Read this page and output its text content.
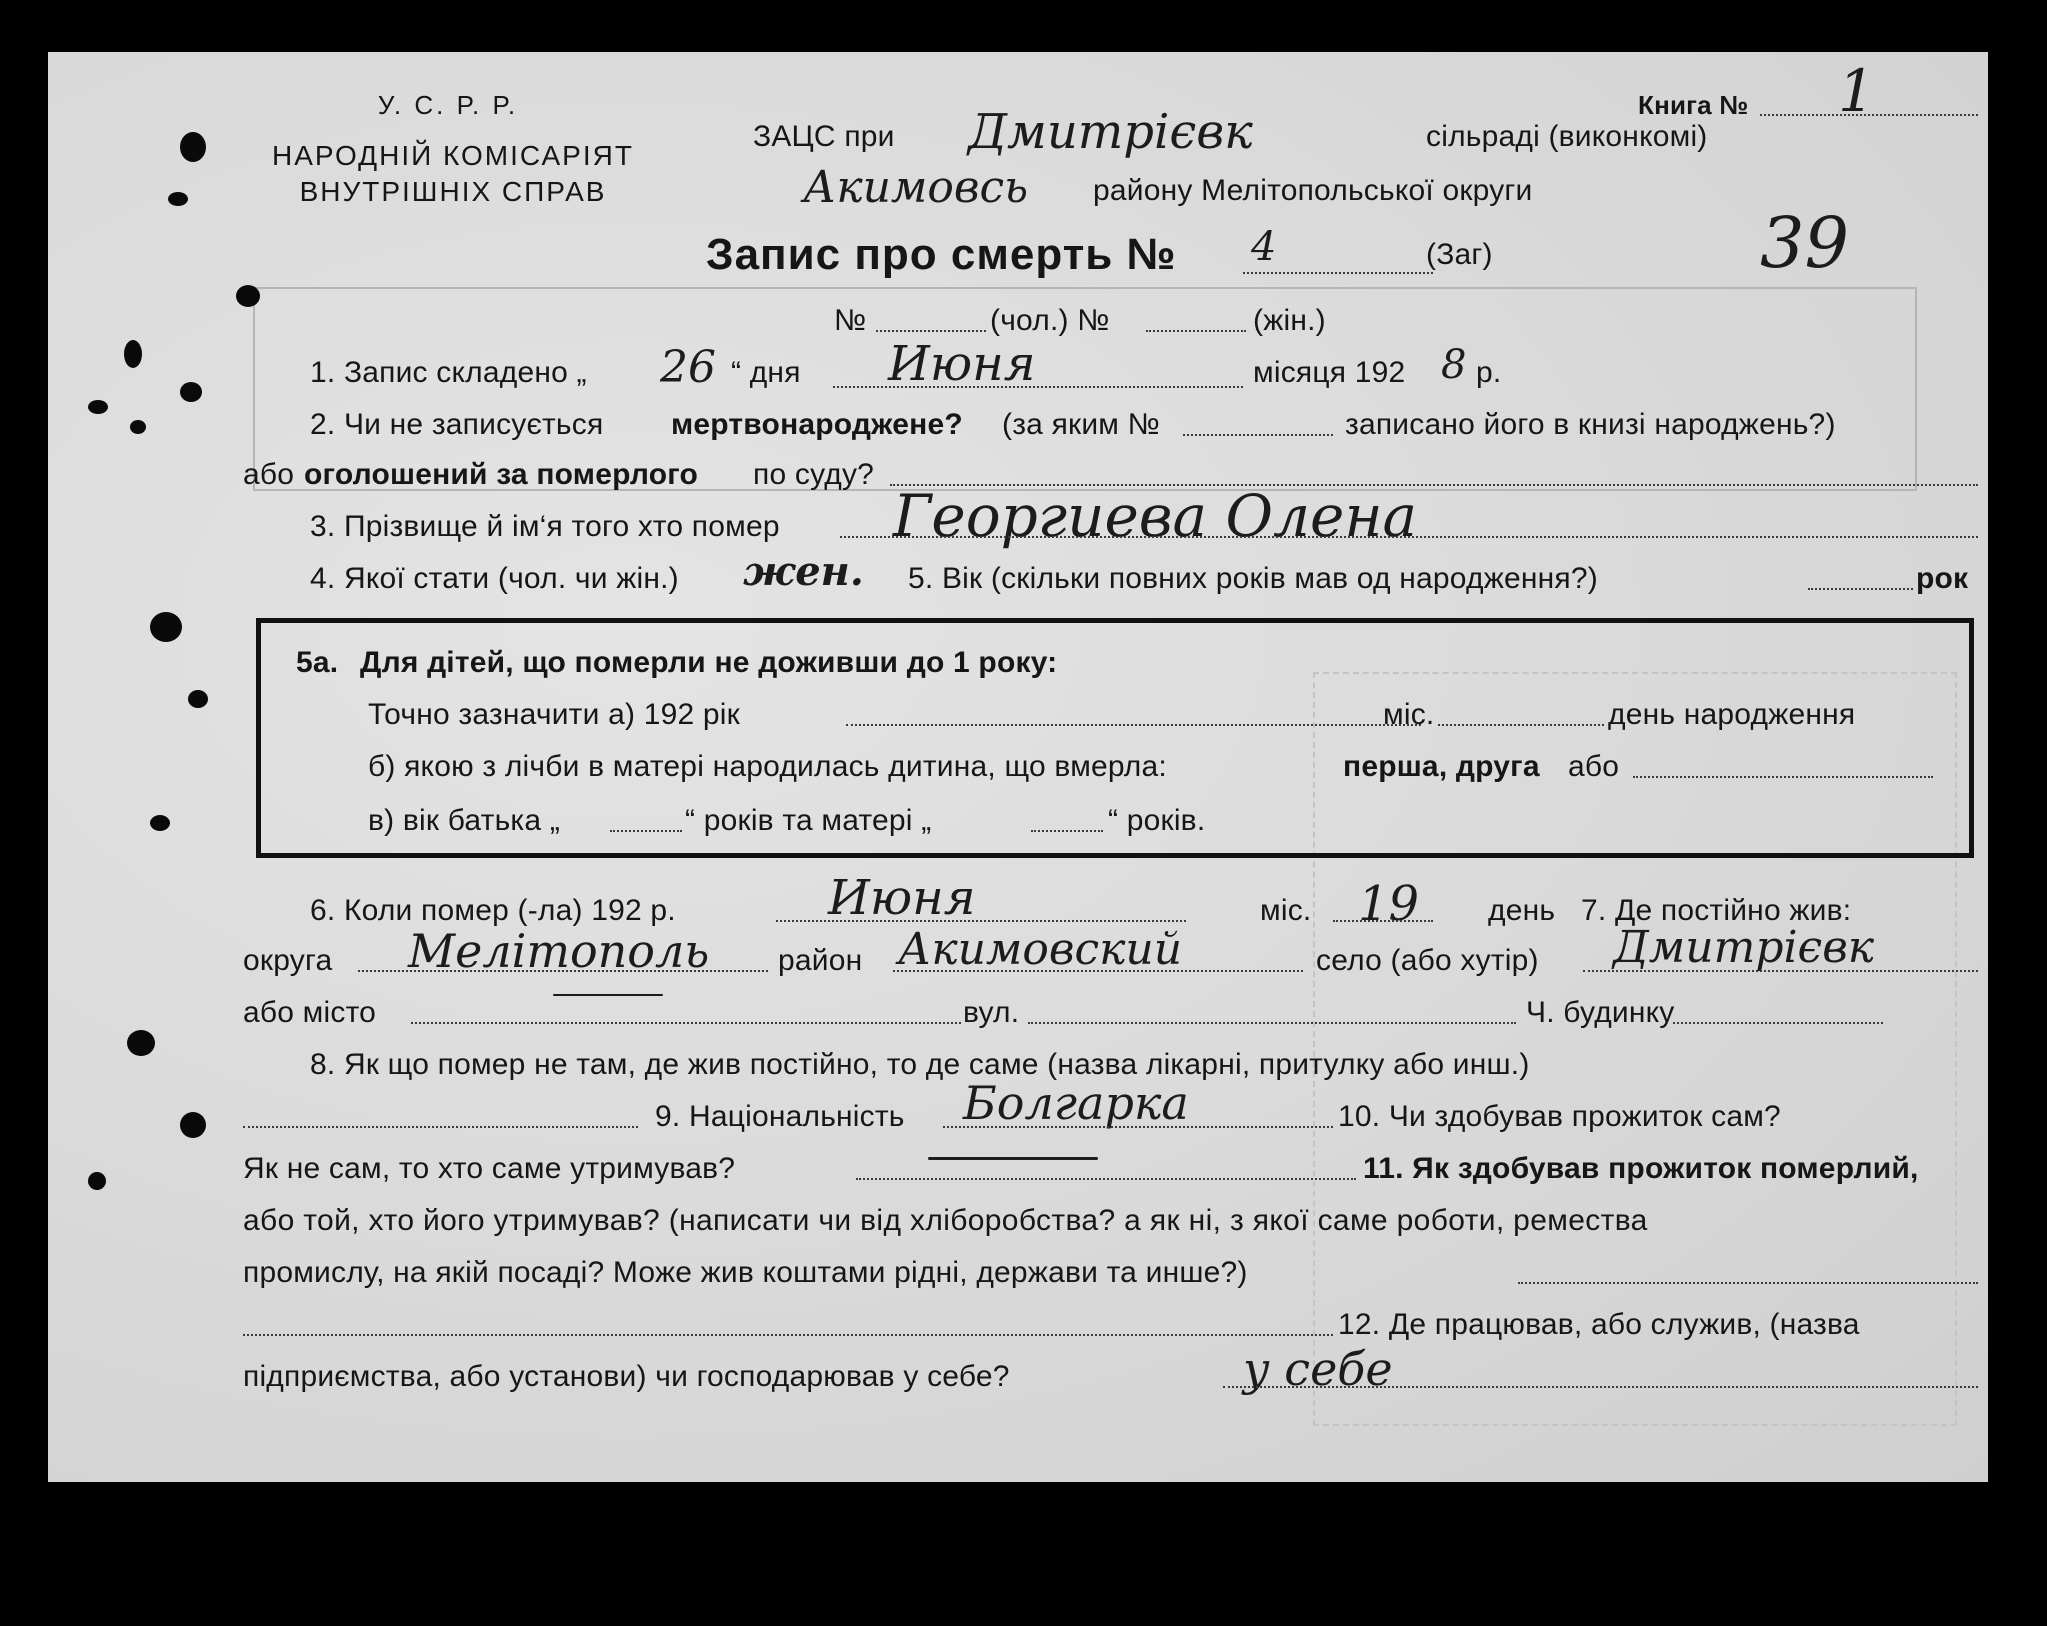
У. С. Р. Р.
НАРОДНІЙ КОМІСАРІЯТ
ВНУТРІШНІХ СПРАВ
Книга № 1
ЗАЦС при Дмитрієвк	сільраді (виконкомі)
Акимовсь району Мелітопольської округи
Запис про смерть № 4	(Заг)	39
№	(чол.) №	(жін.)
1. Запис складено „ 26 “ дня Июня	місяця 192 8 р.
2. Чи не записується мертвонароджене? (за яким №	записано його в книзі народжень?)
або оголошений за померлого по суду?
3. Прізвище й ім‘я того хто помер Георгиева Олена
4. Якої стати (чол. чи жін.) жен. 5. Вік (скільки повних років мав од народження?)	рок
5а. Для дітей, що померли не доживши до 1 року:
Точно зазначити а) 192 рік	міс.	день народження
б) якою з лічби в матері народилась дитина, що вмерла:	перша, друга або
в) вік батька „	“ років та матері „	“ років.
6. Коли помер (-ла) 192 р.	Июня	міс. 19 день 7. Де постійно жив:
округа Мелітополь район Акимовский	село (або хутір) Дмитрієвк
або місто	вул.	Ч. будинку
8. Як що помер не там, де жив постійно, то де саме (назва лікарні, притулку або инш.)
9. Національність Болгарка	10. Чи здобував прожиток сам?
Як не сам, то хто саме утримував?	11. Як здобував прожиток померлий,
або той, хто його утримував? (написати чи від хліборобства? а як ні, з якої саме роботи, ремества
промислу, на якій посаді? Може жив коштами рідні, держави та инше?)
12. Де працював, або служив, (назва
підприємства, або установи) чи господарював у себе?	у себе
